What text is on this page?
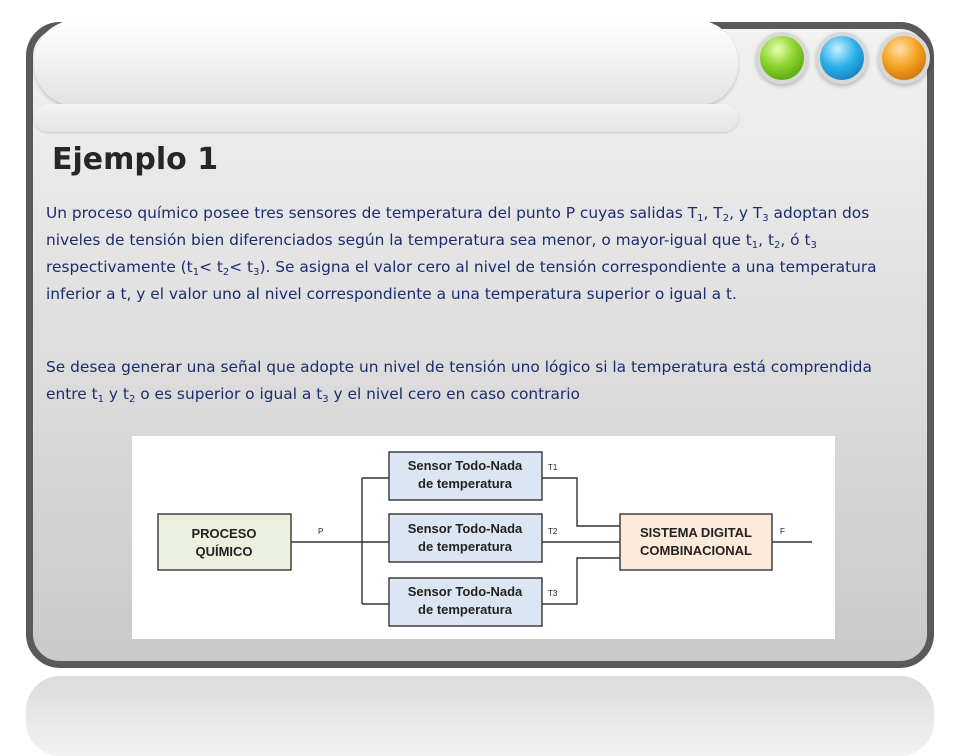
Ejemplo 1

Un proceso químico posee tres sensores de temperatura del punto P cuyas salidas $T_1$, $T_2$, y $T_3$ adoptan dos niveles de tensión bien diferenciados según la temperatura sea menor, o mayor-igual que $t_1$, $t_2$, ó $t_3$ respectivamente $(t_1< t_2< t_3)$. Se asigna el valor cero al nivel de tensión correspondiente a una temperatura inferior a t, y el valor uno al nivel correspondiente a una temperatura superior o igual a t.

Se desea generar una señal que adopte un nivel de tensión uno lógico si la temperatura está comprendida entre $t_1$ y $t_2$ o es superior o igual a $t_3$ y el nivel cero en caso contrario

PROCESO
QUÍMICO
Sensor Todo-Nada
de temperatura
Sensor Todo-Nada
de temperatura
Sensor Todo-Nada
de temperatura
SISTEMA DIGITAL
COMBINACIONAL
P
T1
T2
T3
F
